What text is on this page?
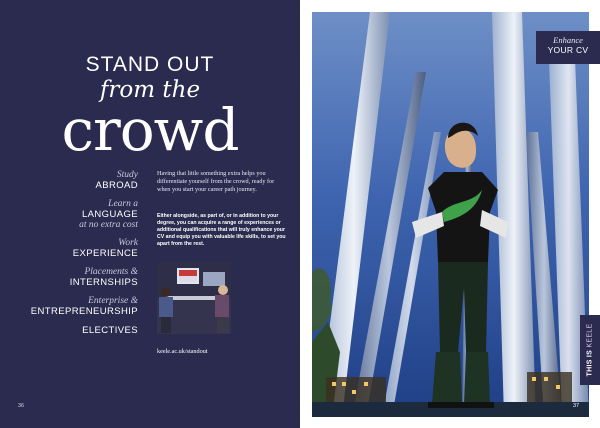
STAND OUT
from the
crowd
Study
ABROAD
Learn a
LANGUAGE
at no extra cost
Work
EXPERIENCE
Placements &
INTERNSHIPS
Enterprise &
ENTREPRENEURSHIP
ELECTIVES
Having that little something extra helps you differentiate yourself from the crowd, ready for when you start your career path journey.
Either alongside, as part of, or in addition to your degree, you can acquire a range of experiences or additional qualifications that will truly enhance your CV and equip you with valuable life skills, to set you apart from the rest.
keele.ac.uk/standout
36
Enhance
YOUR CV
THIS IS KEELE
37
